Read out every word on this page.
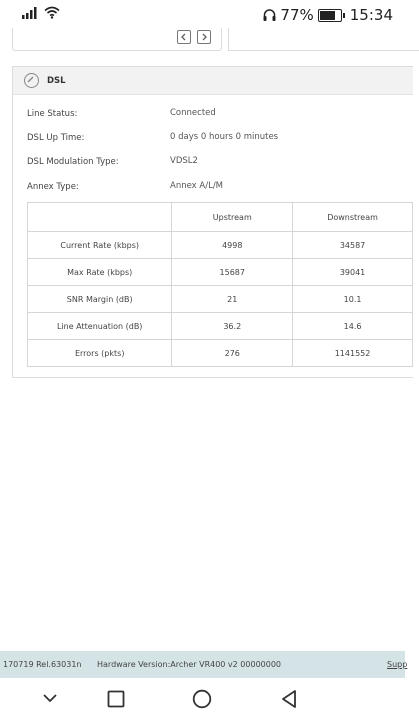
77% 15:34
DSL
Line Status:	Connected
DSL Up Time:	0 days 0 hours 0 minutes
DSL Modulation Type:	VDSL2
Annex Type:	Annex A/L/M
	Upstream	Downstream
Current Rate (kbps)	4998	34587
Max Rate (kbps)	15687	39041
SNR Margin (dB)	21	10.1
Line Attenuation (dB)	36.2	14.6
Errors (pkts)	276	1141552
170719 Rel.63031n Hardware Version:Archer VR400 v2 00000000	Supp
